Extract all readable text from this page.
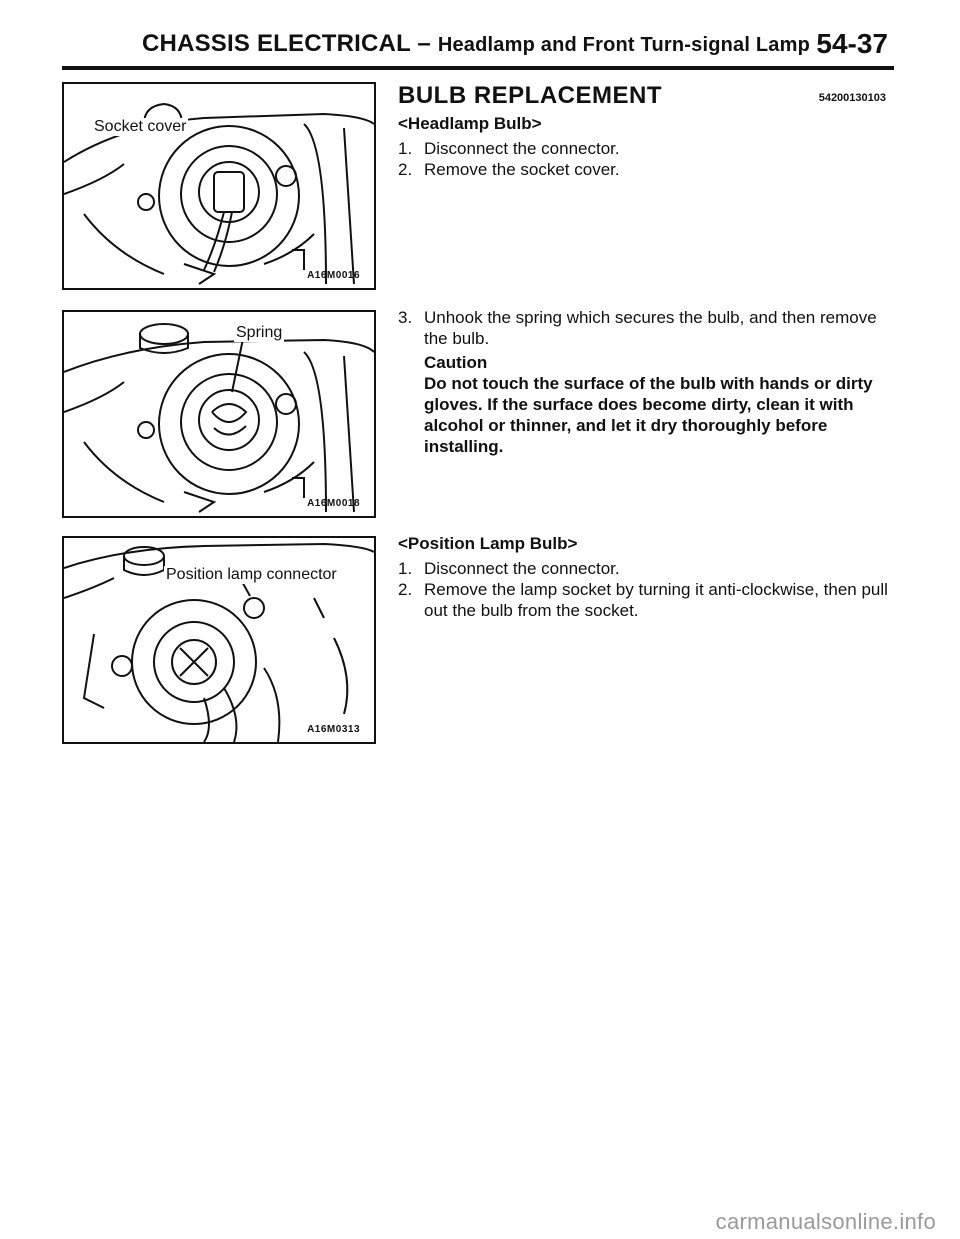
CHASSIS ELECTRICAL – Headlamp and Front Turn-signal Lamp 54-37
Socket cover
A16M0016
Spring
A16M0018
Position lamp connector
A16M0313
BULB REPLACEMENT	54200130103
<Headlamp Bulb>
1. Disconnect the connector.
2. Remove the socket cover.
3. Unhook the spring which secures the bulb, and then remove the bulb.
Caution
Do not touch the surface of the bulb with hands or dirty gloves. If the surface does become dirty, clean it with alcohol or thinner, and let it dry thoroughly before installing.
<Position Lamp Bulb>
1. Disconnect the connector.
2. Remove the lamp socket by turning it anti-clockwise, then pull out the bulb from the socket.
carmanualsonline.info
